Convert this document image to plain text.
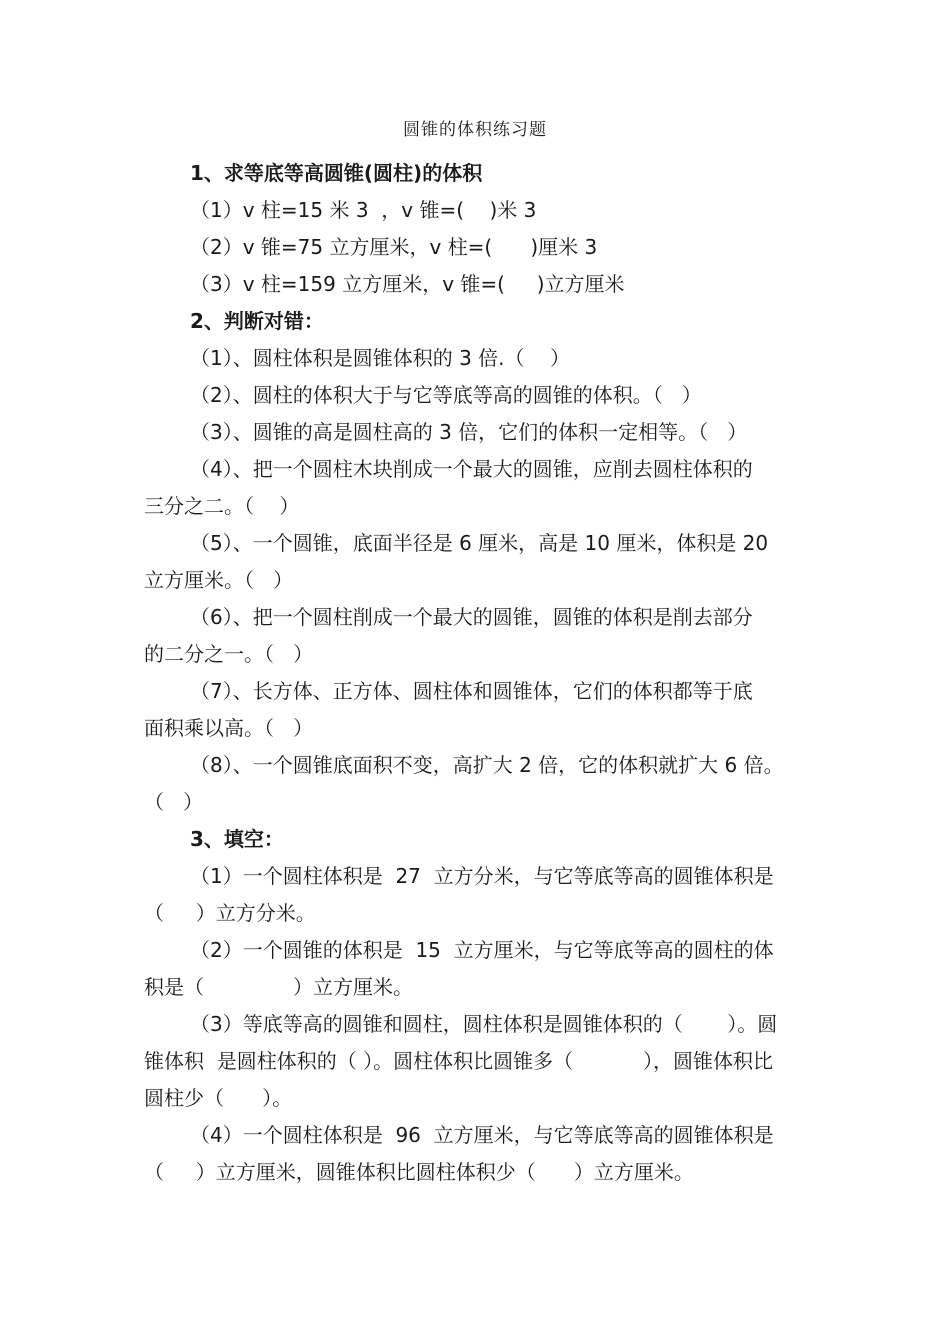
圆锥的体积练习题

1、求等底等高圆锥(圆柱)的体积

（1）v 柱=15 米 3  ，v 锥=(    )米 3

（2）v 锥=75 立方厘米，v 柱=(      )厘米 3

（3）v 柱=159 立方厘米，v 锥=(     )立方厘米

2、判断对错：

（1）、圆柱体积是圆锥体积的 3 倍.（    ）
（2）、圆柱的体积大于与它等底等高的圆锥的体积。（   ）
（3）、圆锥的高是圆柱高的 3 倍，它们的体积一定相等。（   ）
（4）、把一个圆柱木块削成一个最大的圆锥，应削去圆柱体积的
三分之二。（    ）
（5）、一个圆锥，底面半径是 6 厘米，高是 10 厘米，体积是 20
立方厘米。（   ）
（6）、把一个圆柱削成一个最大的圆锥，圆锥的体积是削去部分
的二分之一。（   ）
（7）、长方体、正方体、圆柱体和圆锥体，它们的体积都等于底
面积乘以高。（   ）
（8）、一个圆锥底面积不变，高扩大 2 倍，它的体积就扩大 6 倍。
（   ）

3、填空：

（1）一个圆柱体积是  27  立方分米，与它等底等高的圆锥体积是
（     ）立方分米。
（2）一个圆锥的体积是  15  立方厘米，与它等底等高的圆柱的体
积是（              ）立方厘米。
（3）等底等高的圆锥和圆柱，圆柱体积是圆锥体积的（       ）。圆
锥体积  是圆柱体积的（ ）。圆柱体积比圆锥多（           ），圆锥体积比
圆柱少（      ）。
（4）一个圆柱体积是  96  立方厘米，与它等底等高的圆锥体积是
（     ）立方厘米，圆锥体积比圆柱体积少（      ）立方厘米。
